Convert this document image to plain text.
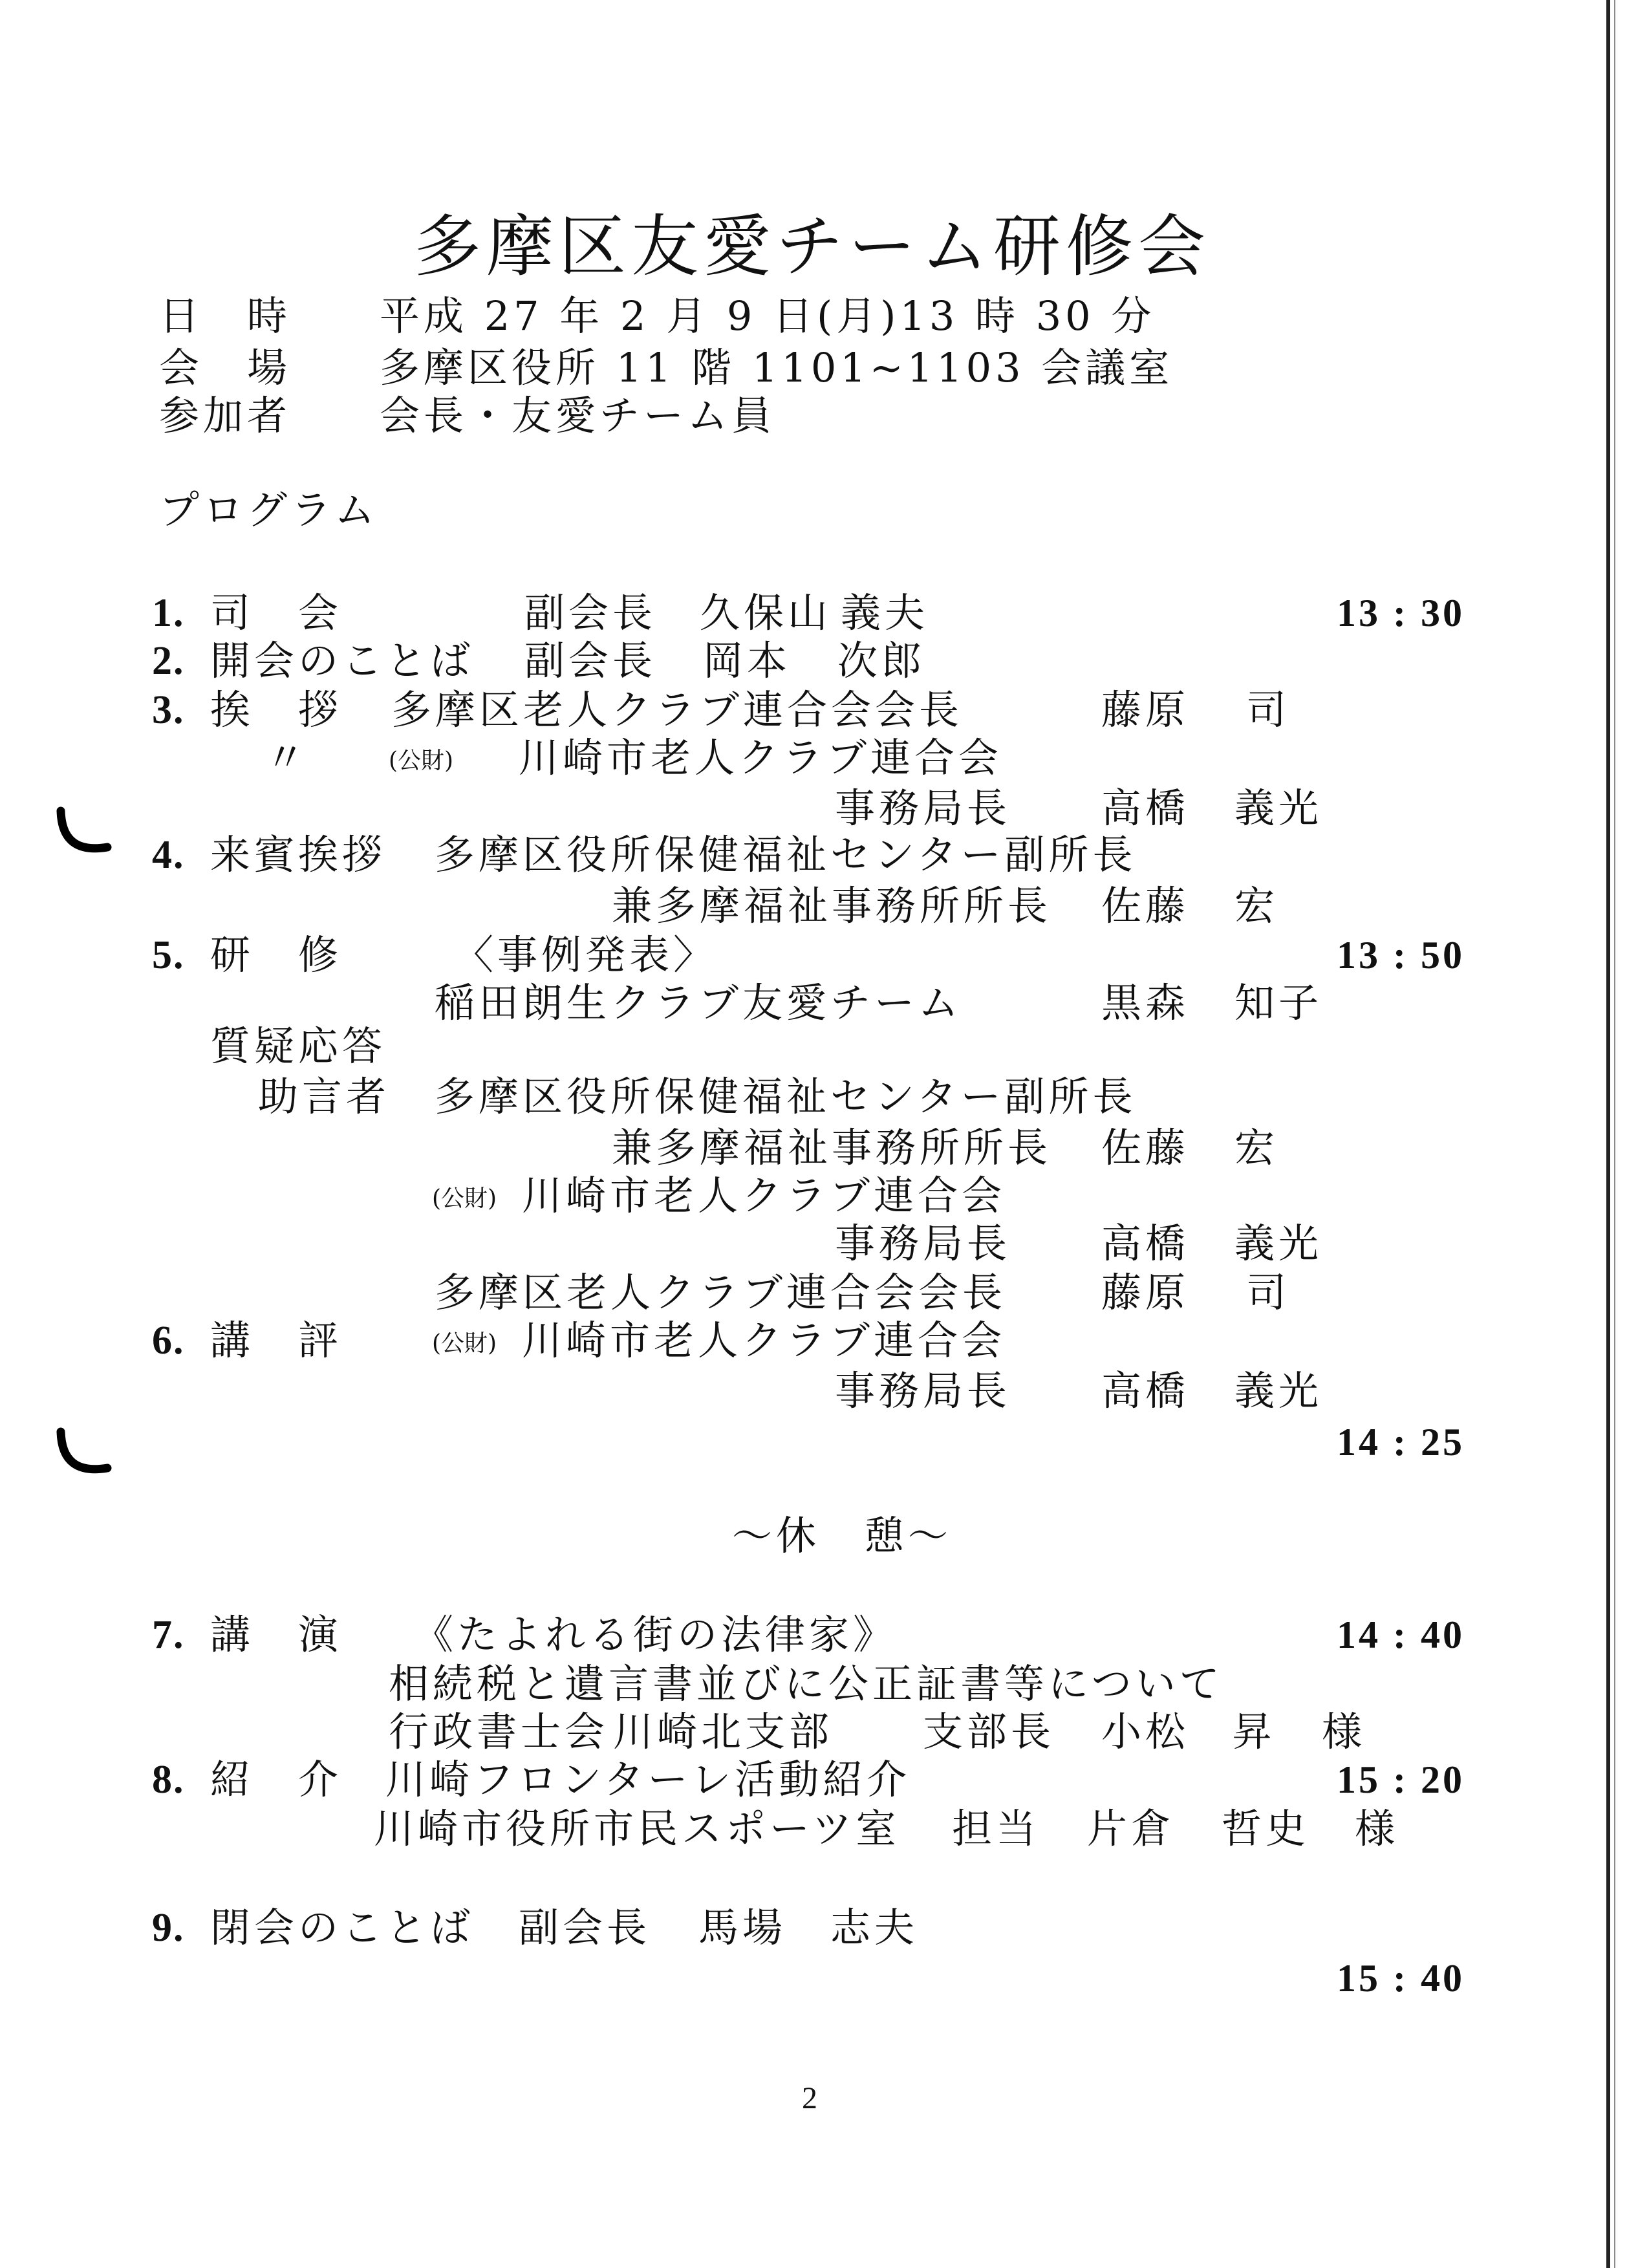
多摩区友愛チーム研修会
日　時 平成 27 年 2 月 9 日(月)13 時 30 分
会　場 多摩区役所 11 階 1101~1103 会議室
参加者 会長・友愛チーム員
プログラム
1. 司　会	副会長 久保山 義夫	13 : 30
2. 開会のことば 副会長 岡本 次郎
3. 挨　拶 多摩区老人クラブ連合会会長	藤原 司
〃	(公財) 川崎市老人クラブ連合会
事務局長 高橋 義光
4. 来賓挨拶 多摩区役所保健福祉センター副所長
兼多摩福祉事務所所長 佐藤 宏
5. 研　修	〈事例発表〉	13 : 50
稲田朗生クラブ友愛チーム	黒森 知子
質疑応答
助言者 多摩区役所保健福祉センター副所長
兼多摩福祉事務所所長 佐藤 宏
(公財) 川崎市老人クラブ連合会
事務局長 高橋 義光
多摩区老人クラブ連合会会長 藤原 司
6. 講　評	(公財) 川崎市老人クラブ連合会
事務局長 高橋 義光
14 : 25
〜休　憩〜
7. 講　演 《たよれる街の法律家》	14 : 40
相続税と遺言書並びに公正証書等について
行政書士会 川崎北支部 支部長 小松 昇 様
8. 紹　介 川崎フロンターレ活動紹介	15 : 20
川崎市役所市民スポーツ室 担当 片倉 哲史 様
9. 閉会のことば 副会長 馬場 志夫
15 : 40
2
